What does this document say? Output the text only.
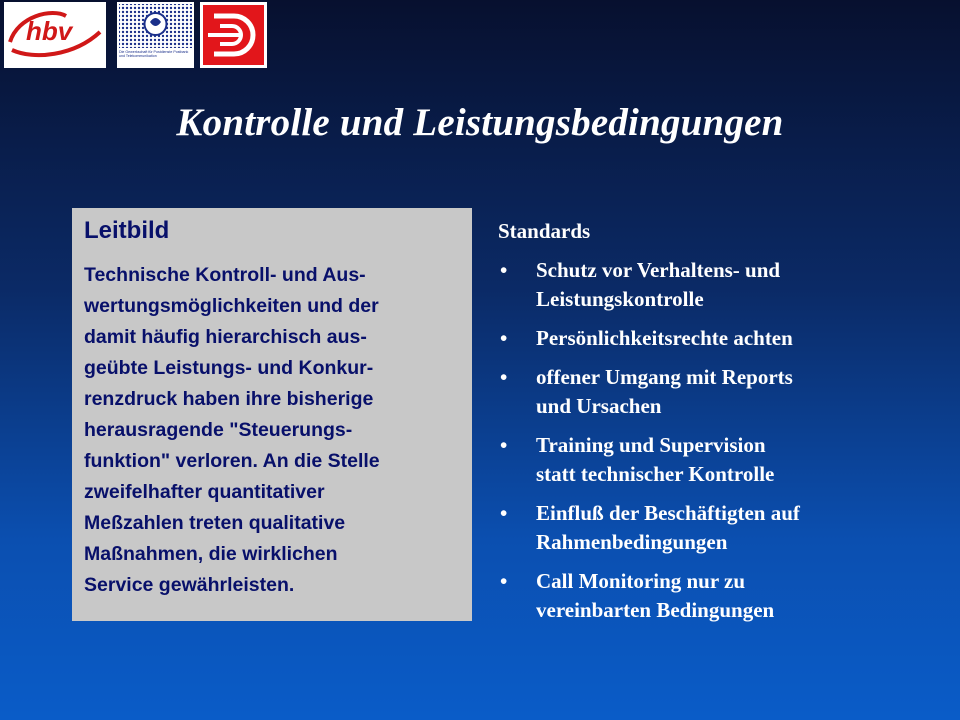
hbv
Die Gewerkschaft für Postdienste Postbank und Telekommunikation
Kontrolle und Leistungsbedingungen
Leitbild

Technische Kontroll- und Aus-
wertungsmöglichkeiten und der
damit häufig hierarchisch aus-
geübte Leistungs- und Konkur-
renzdruck haben ihre bisherige
herausragende "Steuerungs-
funktion" verloren. An die Stelle
zweifelhafter quantitativer
Meßzahlen treten qualitative
Maßnahmen, die wirklichen
Service gewährleisten.

Standards
• Schutz vor Verhaltens- und
Leistungskontrolle
• Persönlichkeitsrechte achten
• offener Umgang mit Reports
und Ursachen
• Training und Supervision
statt technischer Kontrolle
• Einfluß der Beschäftigten auf
Rahmenbedingungen
• Call Monitoring nur zu
vereinbarten Bedingungen
